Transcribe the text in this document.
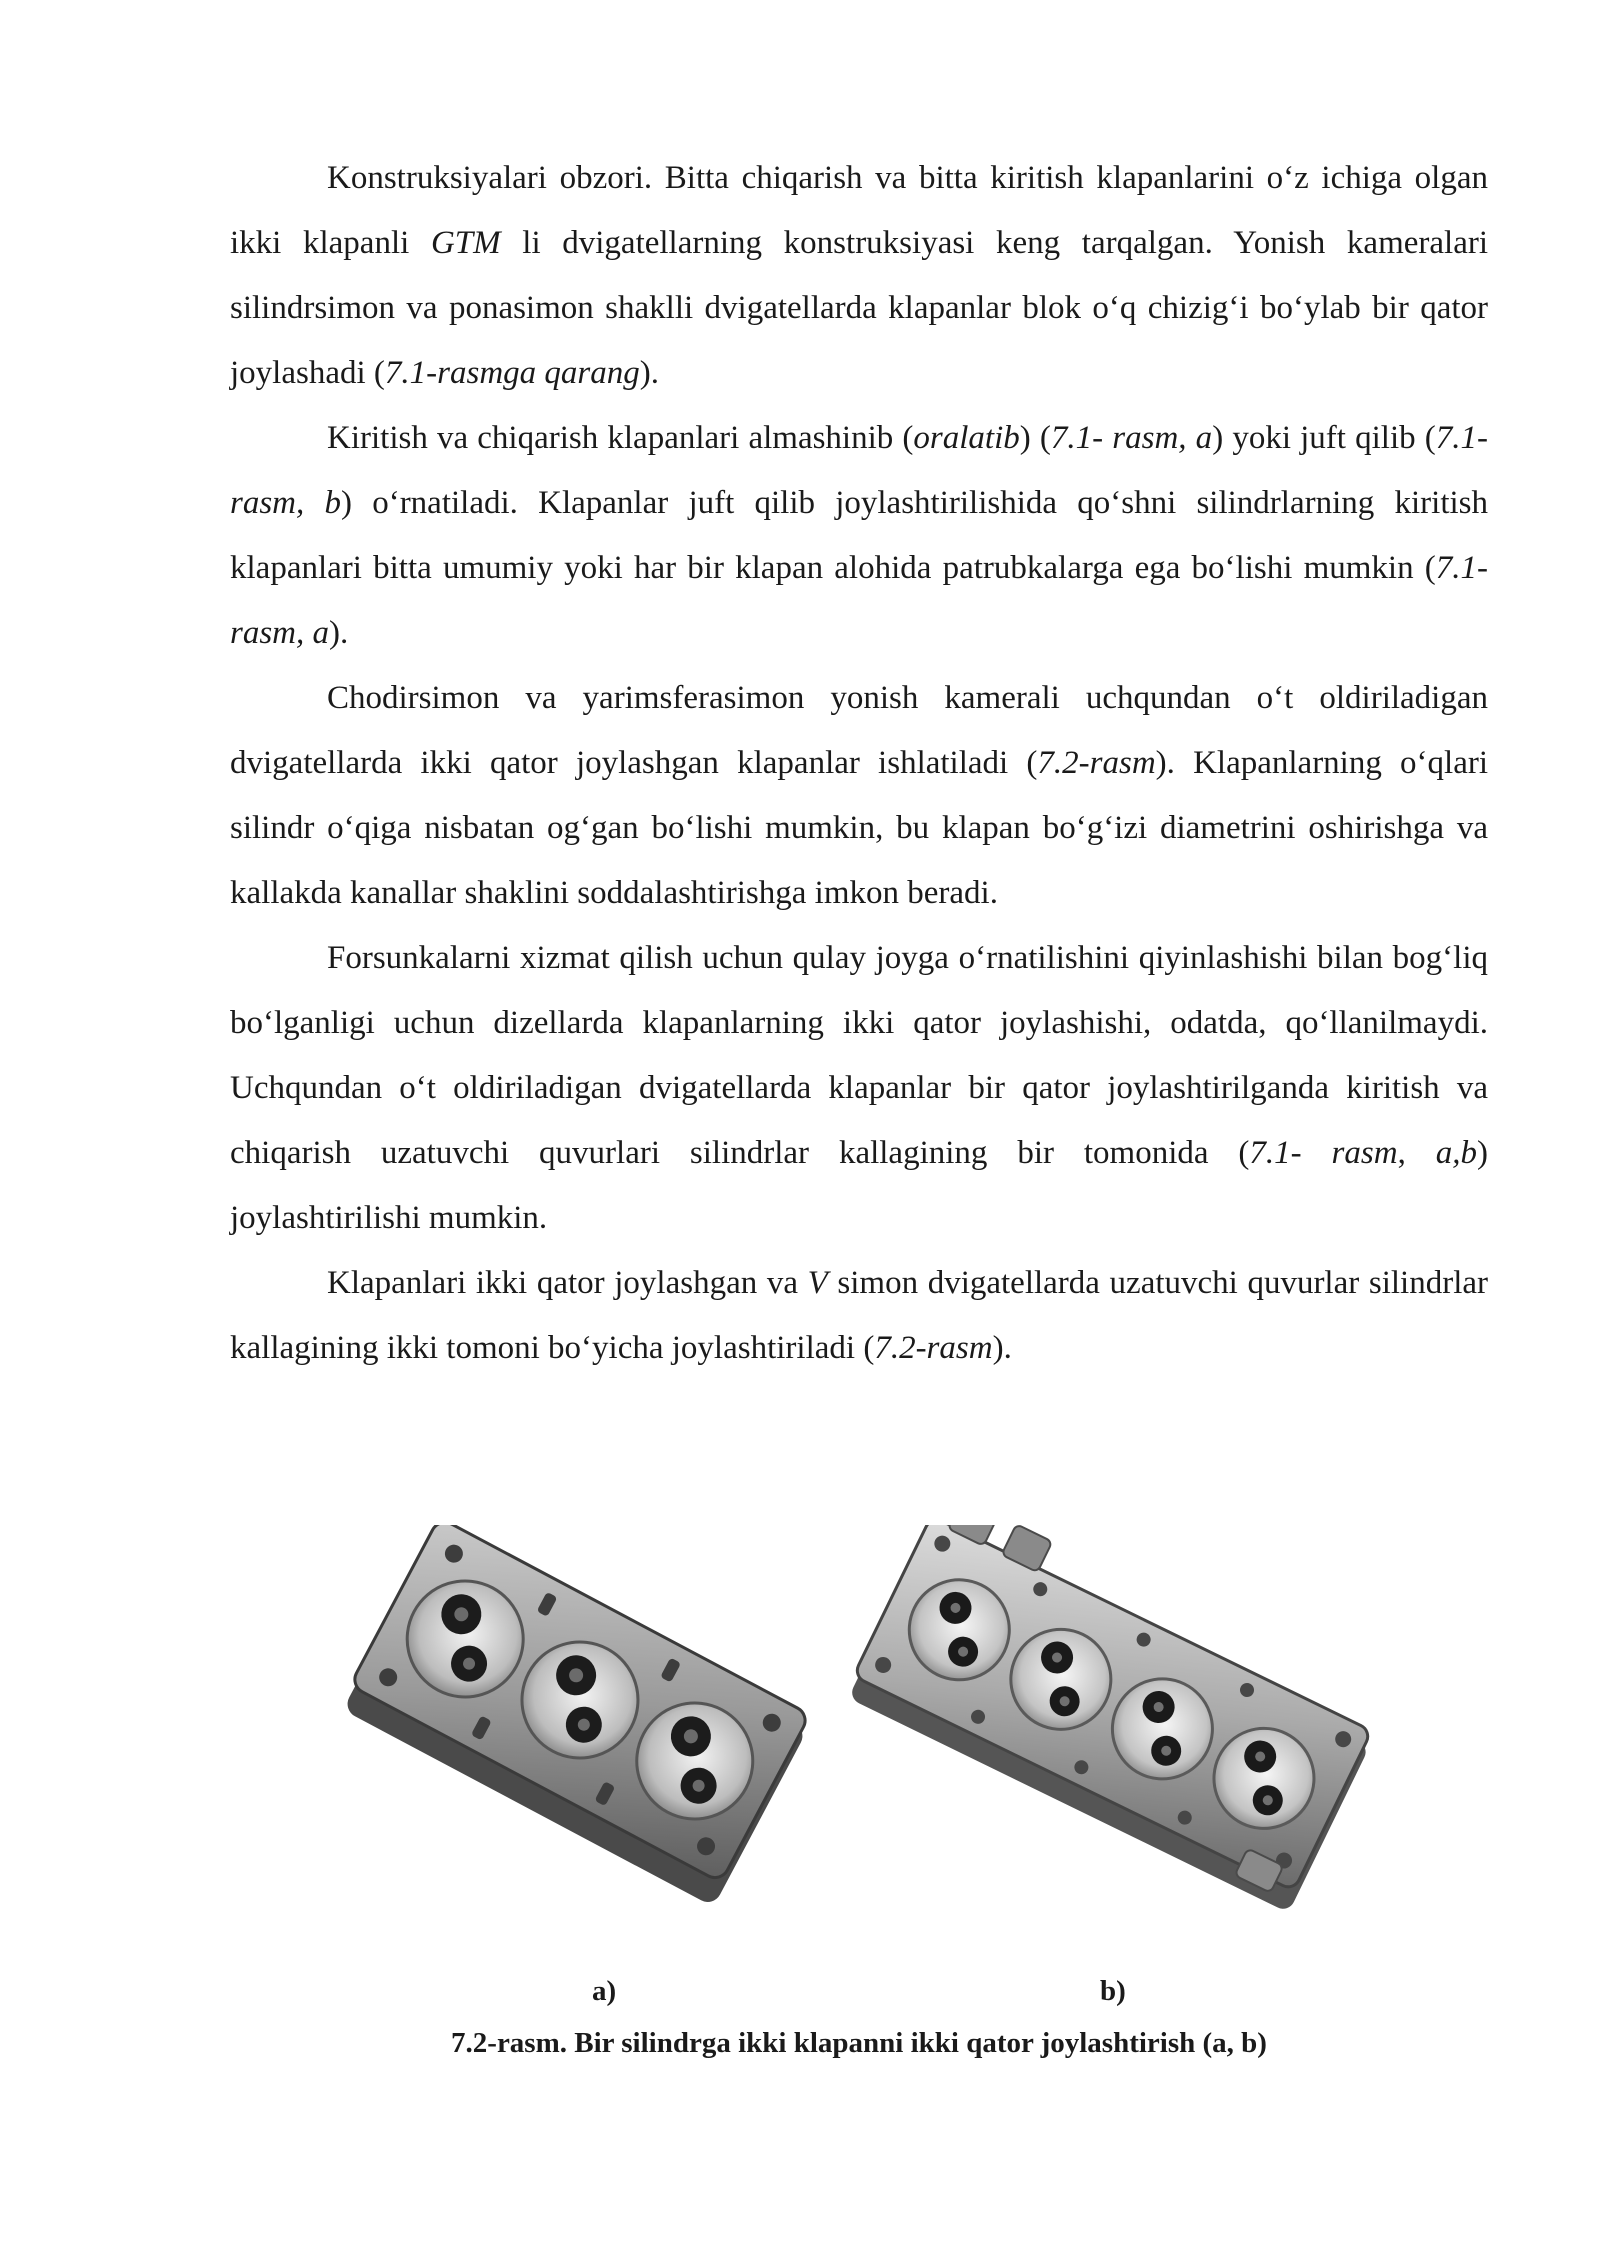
Konstruksiyalari obzori. Bitta chiqarish va bitta kiritish klapanlarini o‘z ichiga olgan ikki klapanli GTM li dvigatellarning konstruksiyasi keng tarqalgan. Yonish kameralari silindrsimon va ponasimon shaklli dvigatellarda klapanlar blok o‘q chizig‘i bo‘ylab bir qator joylashadi (7.1-rasmga qarang).

Kiritish va chiqarish klapanlari almashinib (oralatib) (7.1- rasm, a) yoki juft qilib (7.1-rasm, b) o‘rnatiladi. Klapanlar juft qilib joylashtirilishida qo‘shni silindrlarning kiritish klapanlari bitta umumiy yoki har bir klapan alohida patrubkalarga ega bo‘lishi mumkin (7.1- rasm, a).

Chodirsimon va yarimsferasimon yonish kamerali uchqundan o‘t oldiriladigan dvigatellarda ikki qator joylashgan klapanlar ishlatiladi (7.2-rasm). Klapanlarning o‘qlari silindr o‘qiga nisbatan og‘gan bo‘lishi mumkin, bu klapan bo‘g‘izi diametrini oshirishga va kallakda kanallar shaklini soddalashtirishga imkon beradi.

Forsunkalarni xizmat qilish uchun qulay joyga o‘rnatilishini qiyinlashishi bilan bog‘liq bo‘lganligi uchun dizellarda klapanlarning ikki qator joylashishi, odatda, qo‘llanilmaydi. Uchqundan o‘t oldiriladigan dvigatellarda klapanlar bir qator joylashtirilganda kiritish va chiqarish uzatuvchi quvurlari silindrlar kallagining bir tomonida (7.1- rasm, a,b) joylashtirilishi mumkin.

Klapanlari ikki qator joylashgan va V simon dvigatellarda uzatuvchi quvurlar silindrlar kallagining ikki tomoni bo‘yicha joylashtiriladi (7.2-rasm).

a)	b)
7.2-rasm. Bir silindrga ikki klapanni ikki qator joylashtirish (a, b)
